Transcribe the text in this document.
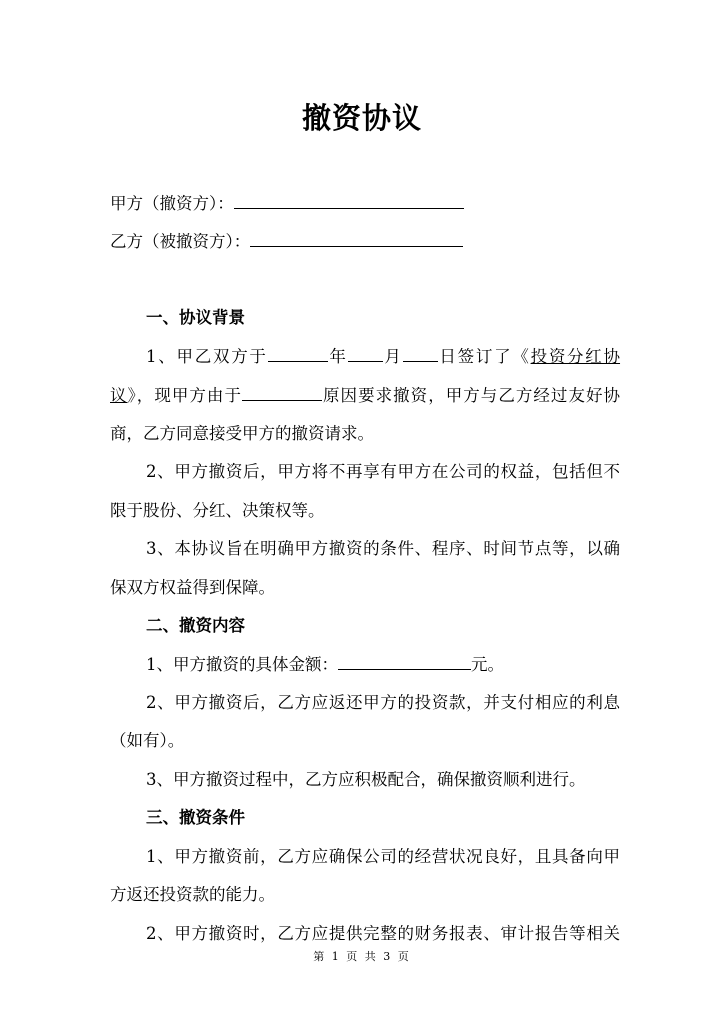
撤资协议
甲方（撤资方）：
乙方（被撤资方）：
一、协议背景
1、甲乙双方于	年 月 日签订了《投资分红协
议》，现甲方由于	原因要求撤资，甲方与乙方经过友好协
商，乙方同意接受甲方的撤资请求。
2、甲方撤资后，甲方将不再享有甲方在公司的权益，包括但不
限于股份、分红、决策权等。
3、本协议旨在明确甲方撤资的条件、程序、时间节点等，以确
保双方权益得到保障。
二、撤资内容
1、甲方撤资的具体金额：	元。
2、甲方撤资后，乙方应返还甲方的投资款，并支付相应的利息
（如有）。
3、甲方撤资过程中，乙方应积极配合，确保撤资顺利进行。
三、撤资条件
1、甲方撤资前，乙方应确保公司的经营状况良好，且具备向甲
方返还投资款的能力。
2、甲方撤资时，乙方应提供完整的财务报表、审计报告等相关
第 1 页 共 3 页
